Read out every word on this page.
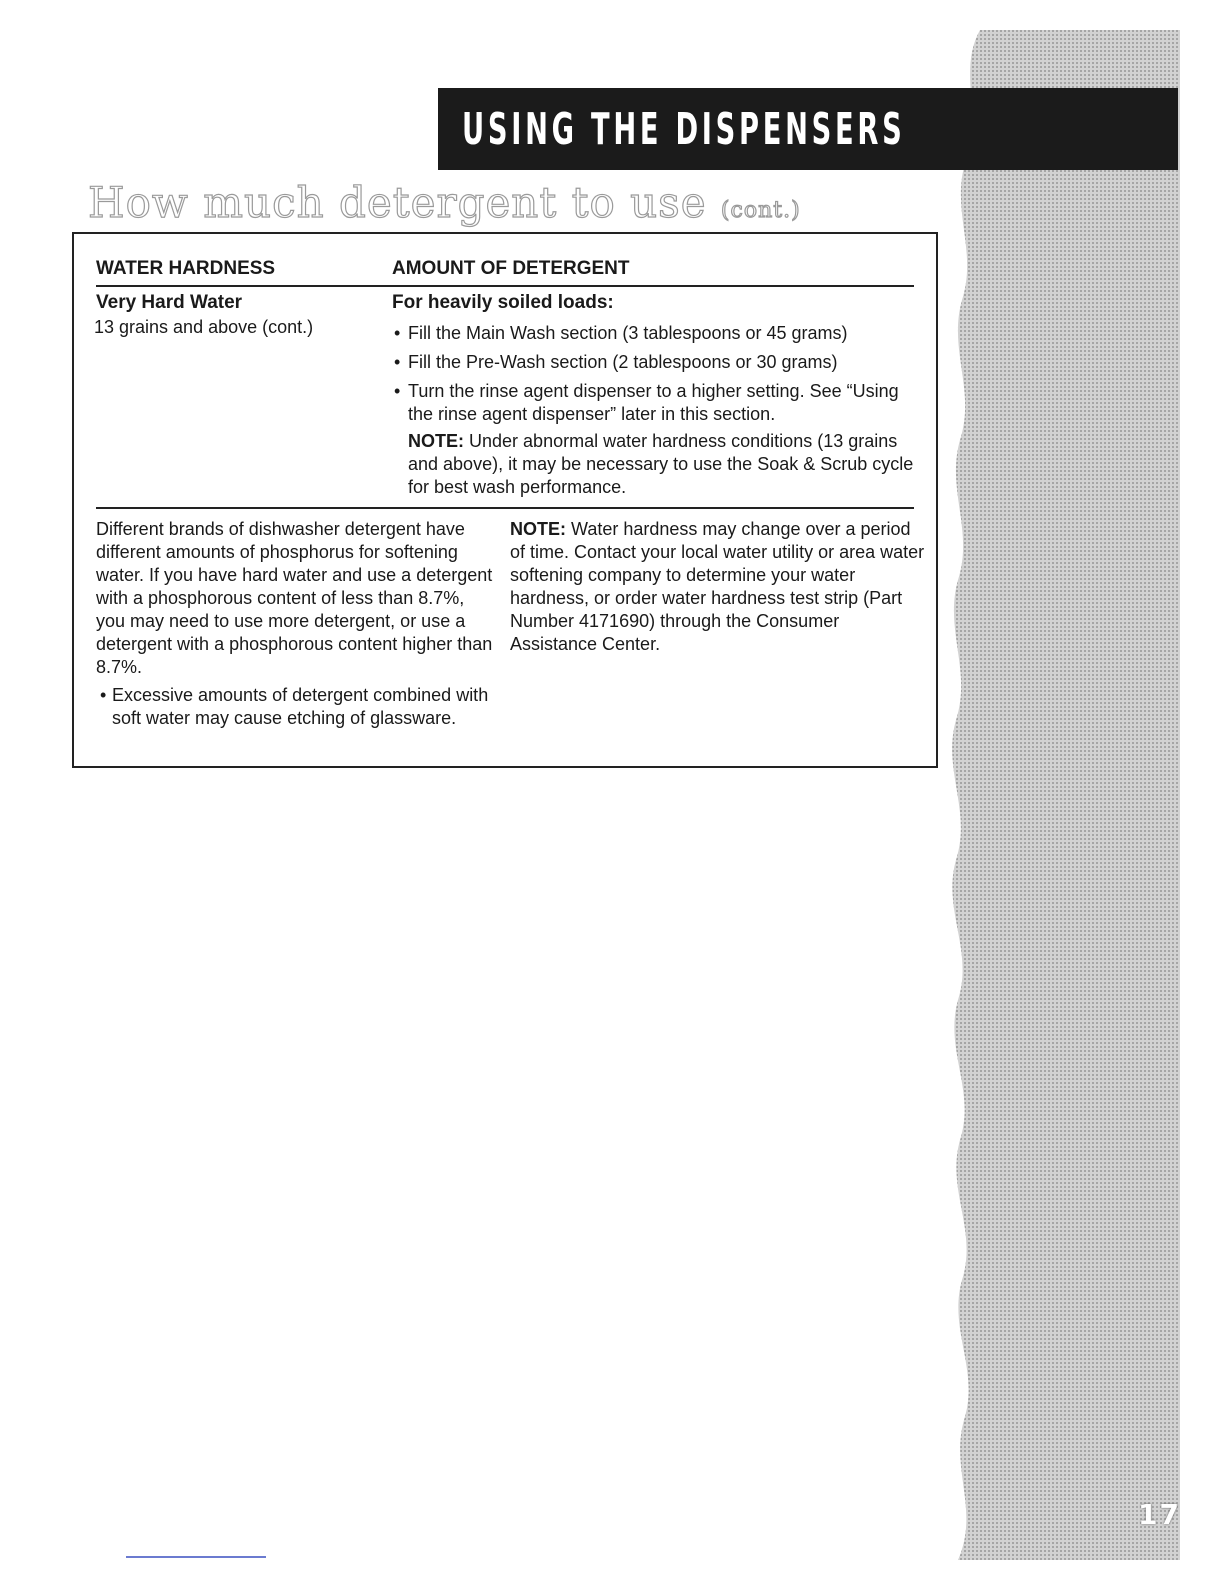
USING THE DISPENSERS
How much detergent to use (cont.)
WATER HARDNESS	AMOUNT OF DETERGENT
Very Hard Water
13 grains and above (cont.)
For heavily soiled loads:
• Fill the Main Wash section (3 tablespoons or 45 grams)
• Fill the Pre-Wash section (2 tablespoons or 30 grams)
• Turn the rinse agent dispenser to a higher setting. See “Using the rinse agent dispenser” later in this section.
NOTE: Under abnormal water hardness conditions (13 grains and above), it may be necessary to use the Soak & Scrub cycle for best wash performance.
Different brands of dishwasher detergent have different amounts of phosphorus for softening water. If you have hard water and use a detergent with a phosphorous content of less than 8.7%, you may need to use more detergent, or use a detergent with a phosphorous content higher than 8.7%.
• Excessive amounts of detergent combined with soft water may cause etching of glassware.
NOTE: Water hardness may change over a period of time. Contact your local water utility or area water softening company to determine your water hardness, or order water hardness test strip (Part Number 4171690) through the Consumer Assistance Center.
17
